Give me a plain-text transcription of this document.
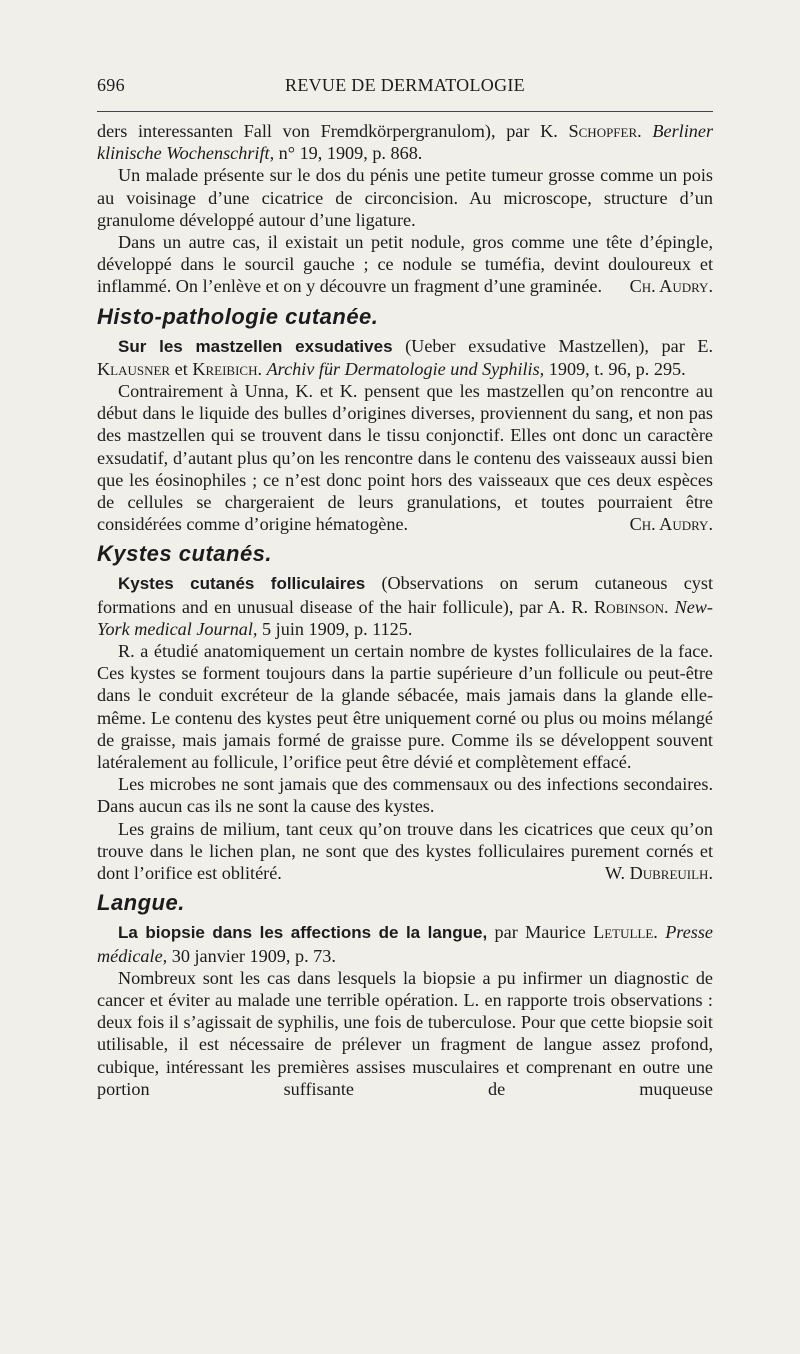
696	REVUE DE DERMATOLOGIE

ders interessanten Fall von Fremdkörpergranulom), par K. Schopfer. Berliner klinische Wochenschrift, n° 19, 1909, p. 868.

Un malade présente sur le dos du pénis une petite tumeur grosse comme un pois au voisinage d’une cicatrice de circoncision. Au microscope, structure d’un granulome développé autour d’une ligature.

Dans un autre cas, il existait un petit nodule, gros comme une tête d’épingle, développé dans le sourcil gauche ; ce nodule se tuméfia, devint douloureux et inflammé. On l’enlève et on y découvre un fragment d’une graminée.	Ch. Audry.

Histo-pathologie cutanée.

Sur les mastzellen exsudatives (Ueber exsudative Mastzellen), par E. Klausner et Kreibich. Archiv für Dermatologie und Syphilis, 1909, t. 96, p. 295.

Contrairement à Unna, K. et K. pensent que les mastzellen qu’on rencontre au début dans le liquide des bulles d’origines diverses, proviennent du sang, et non pas des mastzellen qui se trouvent dans le tissu conjonctif. Elles ont donc un caractère exsudatif, d’autant plus qu’on les rencontre dans le contenu des vaisseaux aussi bien que les éosinophiles ; ce n’est donc point hors des vaisseaux que ces deux espèces de cellules se chargeraient de leurs granulations, et toutes pourraient être considérées comme d’origine hématogène.	Ch. Audry.

Kystes cutanés.

Kystes cutanés folliculaires (Observations on serum cutaneous cyst formations and en unusual disease of the hair follicule), par A. R. Robinson. New-York medical Journal, 5 juin 1909, p. 1125.

R. a étudié anatomiquement un certain nombre de kystes folliculaires de la face. Ces kystes se forment toujours dans la partie supérieure d’un follicule ou peut-être dans le conduit excréteur de la glande sébacée, mais jamais dans la glande elle-même. Le contenu des kystes peut être uniquement corné ou plus ou moins mélangé de graisse, mais jamais formé de graisse pure. Comme ils se développent souvent latéralement au follicule, l’orifice peut être dévié et complètement effacé.

Les microbes ne sont jamais que des commensaux ou des infections secondaires. Dans aucun cas ils ne sont la cause des kystes.

Les grains de milium, tant ceux qu’on trouve dans les cicatrices que ceux qu’on trouve dans le lichen plan, ne sont que des kystes folliculaires purement cornés et dont l’orifice est oblitéré.	W. Dubreuilh.

Langue.

La biopsie dans les affections de la langue, par Maurice Letulle. Presse médicale, 30 janvier 1909, p. 73.

Nombreux sont les cas dans lesquels la biopsie a pu infirmer un diagnostic de cancer et éviter au malade une terrible opération. L. en rapporte trois observations : deux fois il s’agissait de syphilis, une fois de tuberculose. Pour que cette biopsie soit utilisable, il est nécessaire de prélever un fragment de langue assez profond, cubique, intéressant les premières assises musculaires et comprenant en outre une portion suffisante de muqueuse
